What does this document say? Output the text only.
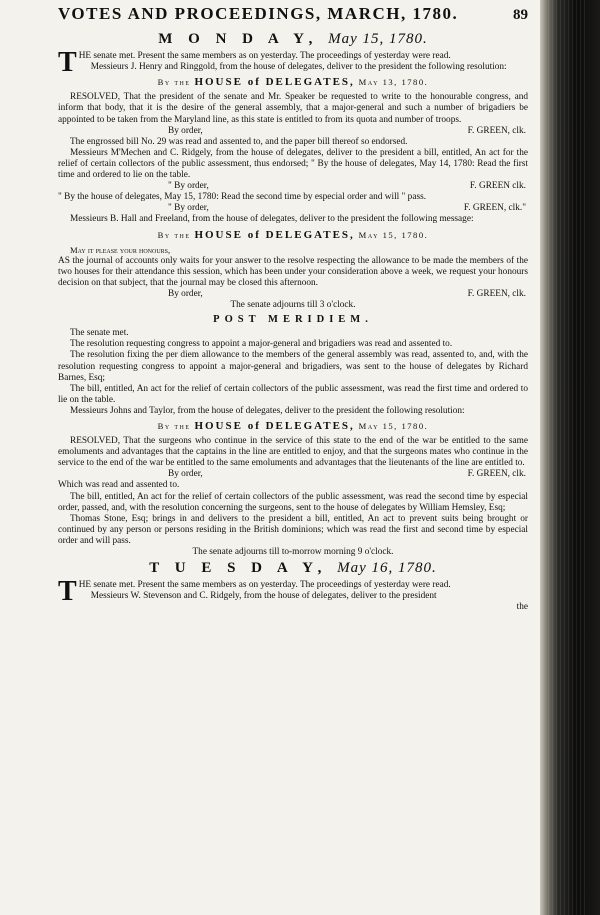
VOTES AND PROCEEDINGS, MARCH, 1780.	89
M O N D A Y, May 15, 1780.

THE senate met. Present the same members as on yesterday. The proceedings of yesterday were read.

Messieurs J. Henry and Ringgold, from the house of delegates, deliver to the president the following resolution:

By the HOUSE of DELEGATES, May 13, 1780.

RESOLVED, That the president of the senate and Mr. Speaker be requested to write to the honourable congress, and inform that body, that it is the desire of the general assembly, that a major-general and such a number of brigadiers be appointed to be taken from the Maryland line, as this state is entitled to from its quota and number of troops.

By order,	F. GREEN, clk.

The engrossed bill No. 29 was read and assented to, and the paper bill thereof so endorsed.

Messieurs M'Mechen and C. Ridgely, from the house of delegates, deliver to the president a bill, entitled, An act for the relief of certain collectors of the public assessment, thus endorsed; " By the house of delegates, May 14, 1780: Read the first time and ordered to lie on the table.

" By order,	F. GREEN clk.

" By the house of delegates, May 15, 1780: Read the second time by especial order and will " pass.

" By order,	F. GREEN, clk."

Messieurs B. Hall and Freeland, from the house of delegates, deliver to the president the following message:

By the HOUSE of DELEGATES, May 15, 1780.

May it please your honours,

AS the journal of accounts only waits for your answer to the resolve respecting the allowance to be made the members of the two houses for their attendance this session, which has been under your consideration above a week, we request your honours decision on that subject, that the journal may be closed this afternoon.

By order,	F. GREEN, clk.

The senate adjourns till 3 o'clock.

POST MERIDIEM.

The senate met.

The resolution requesting congress to appoint a major-general and brigadiers was read and assented to.

The resolution fixing the per diem allowance to the members of the general assembly was read, assented to, and, with the resolution requesting congress to appoint a major-general and brigadiers, was sent to the house of delegates by Richard Barnes, Esq;

The bill, entitled, An act for the relief of certain collectors of the public assessment, was read the first time and ordered to lie on the table.

Messieurs Johns and Taylor, from the house of delegates, deliver to the president the following resolution:

By the HOUSE of DELEGATES, May 15, 1780.

RESOLVED, That the surgeons who continue in the service of this state to the end of the war be entitled to the same emoluments and advantages that the captains in the line are entitled to enjoy, and that the surgeons mates who continue in the service to the end of the war be entitled to the same emoluments and advantages that the lieutenants of the line are entitled to.

By order,	F. GREEN, clk.

Which was read and assented to.

The bill, entitled, An act for the relief of certain collectors of the public assessment, was read the second time by especial order, passed, and, with the resolution concerning the surgeons, sent to the house of delegates by William Hemsley, Esq;

Thomas Stone, Esq; brings in and delivers to the president a bill, entitled, An act to prevent suits being brought or continued by any person or persons residing in the British dominions; which was read the first and second time by especial order and will pass.

The senate adjourns till to-morrow morning 9 o'clock.

T U E S D A Y, May 16, 1780.

THE senate met. Present the same members as on yesterday. The proceedings of yesterday were read.

Messieurs W. Stevenson and C. Ridgely, from the house of delegates, deliver to the president

the
